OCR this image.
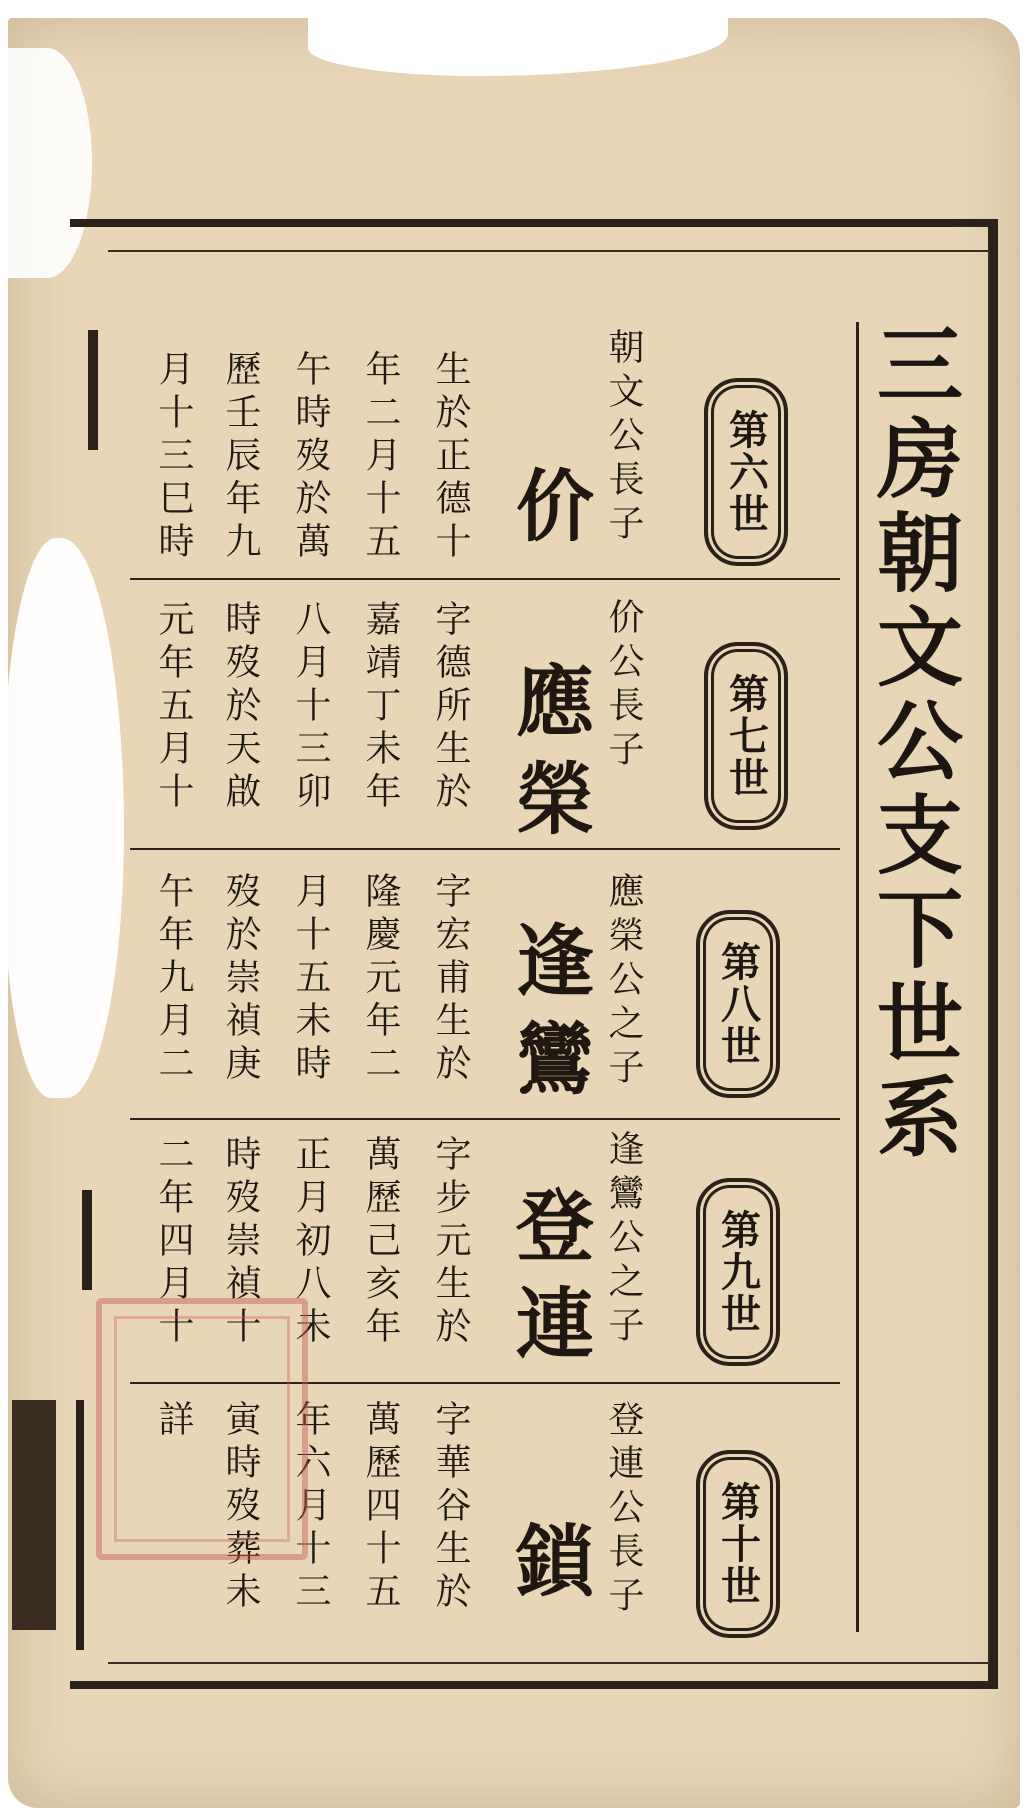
三房朝文公支下世系
第六世
朝文公長子
价
生於正德十
年二月十五
午時歿於萬
歷壬辰年九
月十三巳時
第七世
价公長子
應榮
字德所生於
嘉靖丁未年
八月十三卯
時歿於天啟
元年五月十
第八世
應榮公之子
逢鸞
字宏甫生於
隆慶元年二
月十五未時
歿於崇禎庚
午年九月二
第九世
逢鸞公之子
登連
字步元生於
萬歷己亥年
正月初八未
時歿崇禎十
二年四月十
第十世
登連公長子
鎖
字華谷生於
萬歷四十五
年六月十三
寅時歿葬未
詳
